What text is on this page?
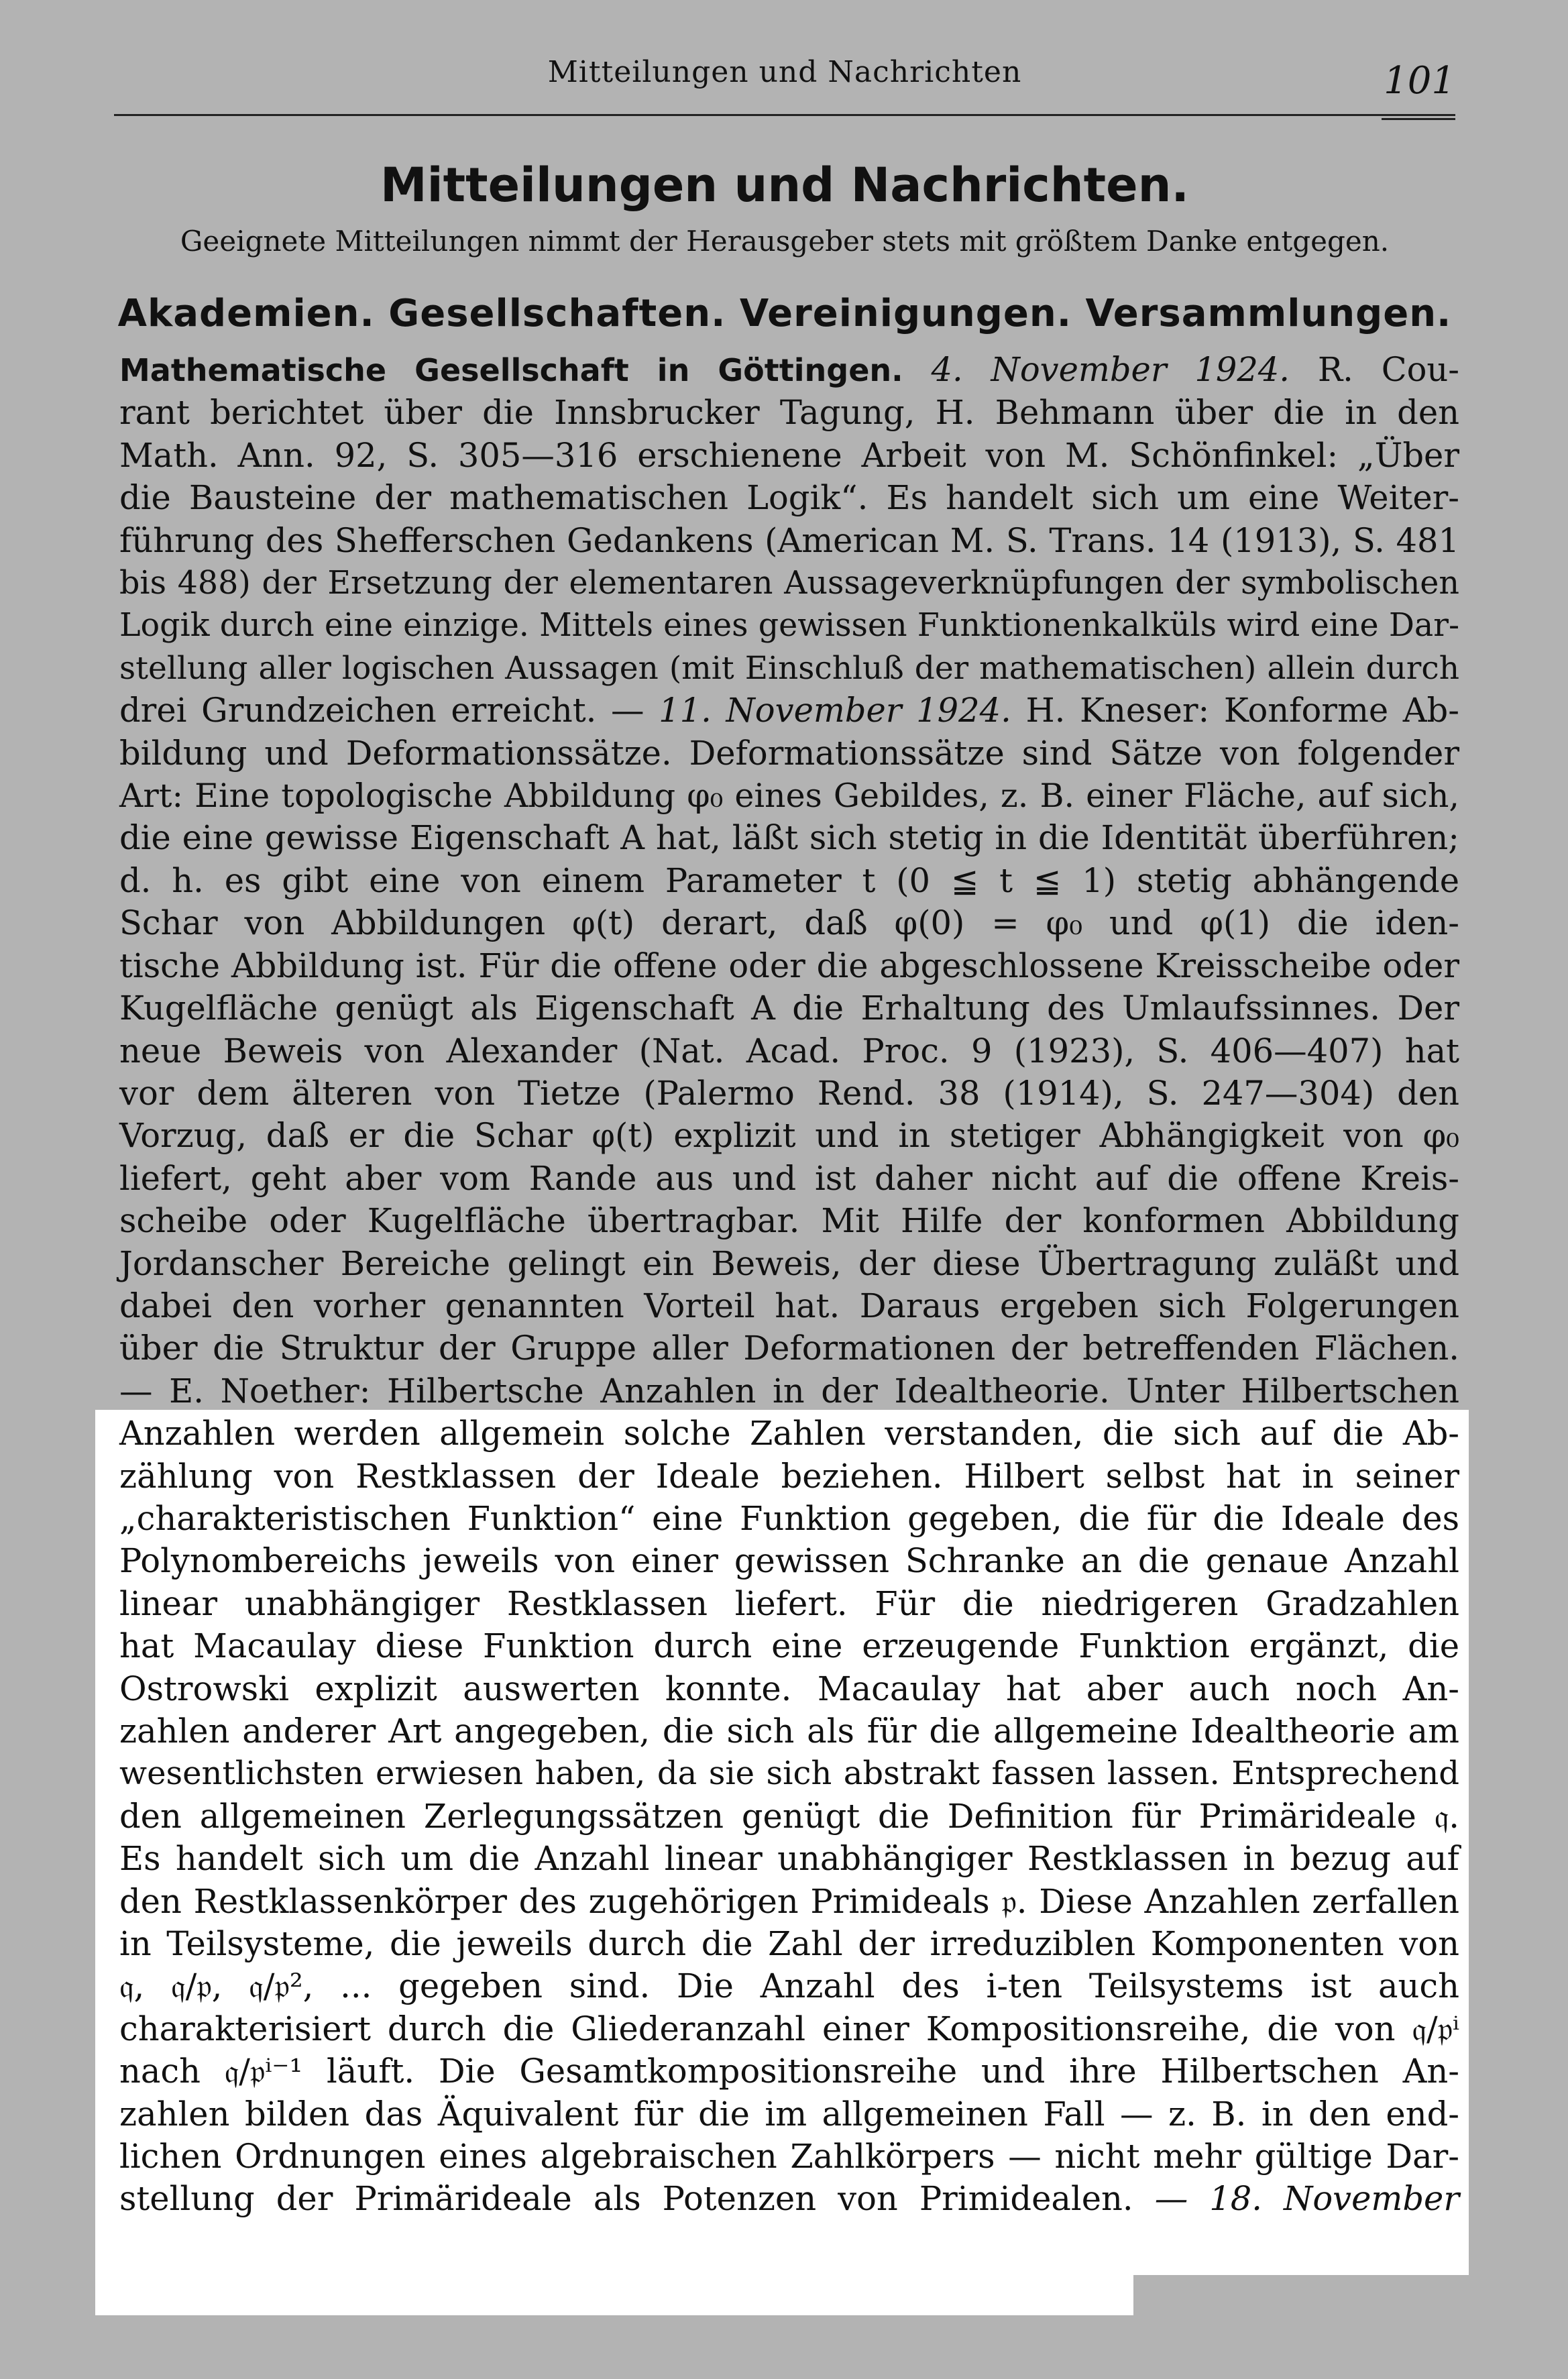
Mitteilungen und Nachrichten	101
Mitteilungen und Nachrichten.
Geeignete Mitteilungen nimmt der Herausgeber stets mit größtem Danke entgegen.
Akademien. Gesellschaften. Vereinigungen. Versammlungen.
Mathematische Gesellschaft in Göttingen. 4. November 1924. R. Cou-
rant berichtet über die Innsbrucker Tagung, H. Behmann über die in den
Math. Ann. 92, S. 305—316 erschienene Arbeit von M. Schönfinkel: „Über
die Bausteine der mathematischen Logik“. Es handelt sich um eine Weiter-
führung des Shefferschen Gedankens (American M. S. Trans. 14 (1913), S. 481
bis 488) der Ersetzung der elementaren Aussageverknüpfungen der symbolischen
Logik durch eine einzige. Mittels eines gewissen Funktionenkalküls wird eine Dar-
stellung aller logischen Aussagen (mit Einschluß der mathematischen) allein durch
drei Grundzeichen erreicht. — 11. November 1924. H. Kneser: Konforme Ab-
bildung und Deformationssätze. Deformationssätze sind Sätze von folgender
Art: Eine topologische Abbildung φ₀ eines Gebildes, z. B. einer Fläche, auf sich,
die eine gewisse Eigenschaft A hat, läßt sich stetig in die Identität überführen;
d. h. es gibt eine von einem Parameter t (0 ≦ t ≦ 1) stetig abhängende
Schar von Abbildungen φ(t) derart, daß φ(0) = φ₀ und φ(1) die iden-
tische Abbildung ist. Für die offene oder die abgeschlossene Kreisscheibe oder
Kugelfläche genügt als Eigenschaft A die Erhaltung des Umlaufssinnes. Der
neue Beweis von Alexander (Nat. Acad. Proc. 9 (1923), S. 406—407) hat
vor dem älteren von Tietze (Palermo Rend. 38 (1914), S. 247—304) den
Vorzug, daß er die Schar φ(t) explizit und in stetiger Abhängigkeit von φ₀
liefert, geht aber vom Rande aus und ist daher nicht auf die offene Kreis-
scheibe oder Kugelfläche übertragbar. Mit Hilfe der konformen Abbildung
Jordanscher Bereiche gelingt ein Beweis, der diese Übertragung zuläßt und
dabei den vorher genannten Vorteil hat. Daraus ergeben sich Folgerungen
über die Struktur der Gruppe aller Deformationen der betreffenden Flächen.
— E. Noether: Hilbertsche Anzahlen in der Idealtheorie. Unter Hilbertschen
Anzahlen werden allgemein solche Zahlen verstanden, die sich auf die Ab-
zählung von Restklassen der Ideale beziehen. Hilbert selbst hat in seiner
„charakteristischen Funktion“ eine Funktion gegeben, die für die Ideale des
Polynombereichs jeweils von einer gewissen Schranke an die genaue Anzahl
linear unabhängiger Restklassen liefert. Für die niedrigeren Gradzahlen
hat Macaulay diese Funktion durch eine erzeugende Funktion ergänzt, die
Ostrowski explizit auswerten konnte. Macaulay hat aber auch noch An-
zahlen anderer Art angegeben, die sich als für die allgemeine Idealtheorie am
wesentlichsten erwiesen haben, da sie sich abstrakt fassen lassen. Entsprechend
den allgemeinen Zerlegungssätzen genügt die Definition für Primärideale 𝔮.
Es handelt sich um die Anzahl linear unabhängiger Restklassen in bezug auf
den Restklassenkörper des zugehörigen Primideals 𝔭. Diese Anzahlen zerfallen
in Teilsysteme, die jeweils durch die Zahl der irreduziblen Komponenten von
𝔮, 𝔮/𝔭, 𝔮/𝔭², ... gegeben sind. Die Anzahl des i-ten Teilsystems ist auch
charakterisiert durch die Gliederanzahl einer Kompositionsreihe, die von 𝔮/𝔭ⁱ
nach 𝔮/𝔭ⁱ⁻¹ läuft. Die Gesamtkompositionsreihe und ihre Hilbertschen An-
zahlen bilden das Äquivalent für die im allgemeinen Fall — z. B. in den end-
lichen Ordnungen eines algebraischen Zahlkörpers — nicht mehr gültige Dar-
stellung der Primärideale als Potenzen von Primidealen. — 18. November
